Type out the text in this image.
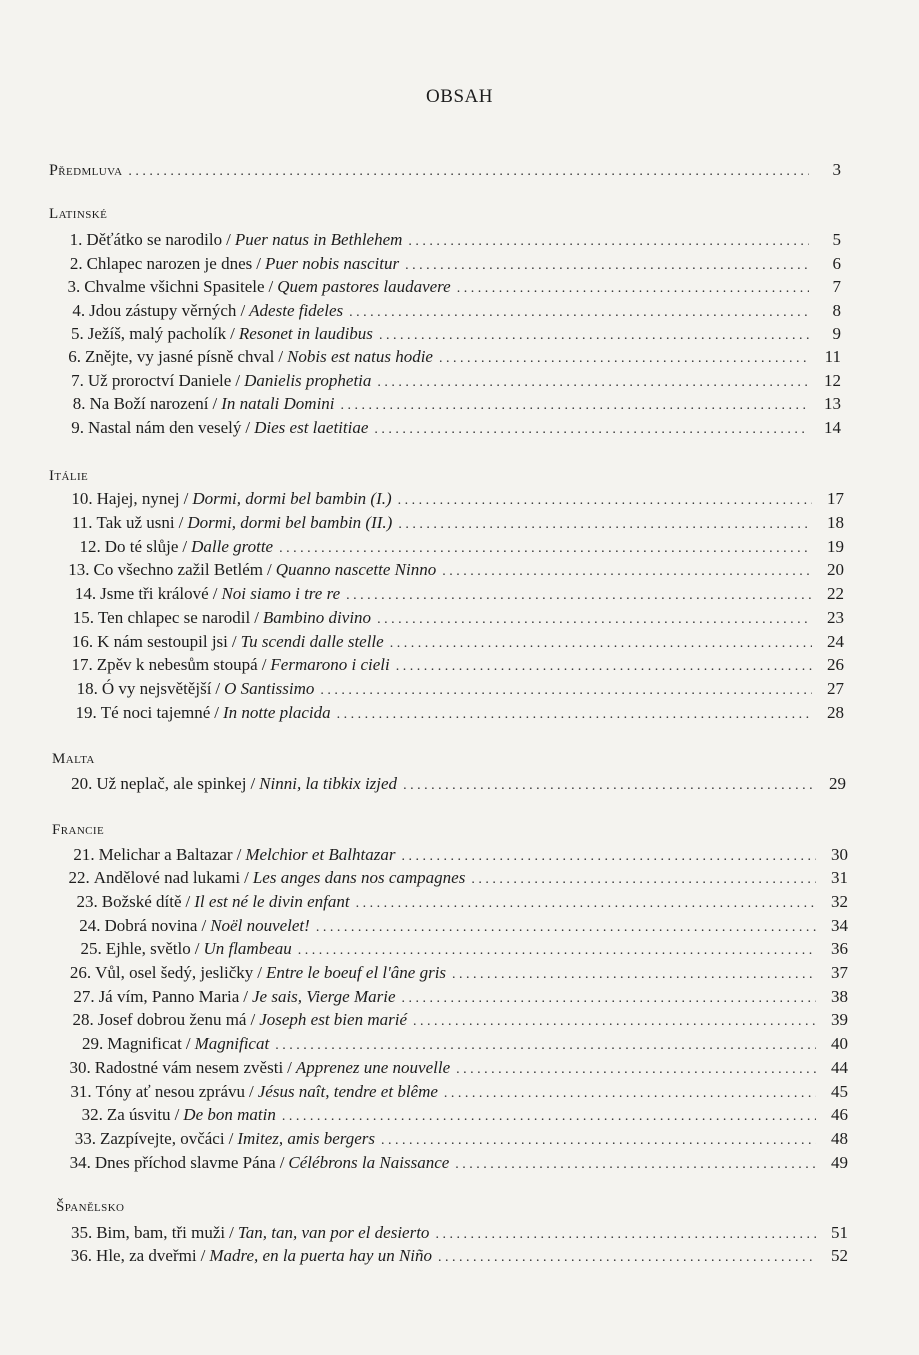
OBSAH
Předmluva . . .	3
Latinské
Itálie
Malta
Francie
Španělsko
1. Děťátko se narodilo / Puer natus in Bethlehem . . .	5
2. Chlapec narozen je dnes / Puer nobis nascitur . . .	6
3. Chvalme všichni Spasitele / Quem pastores laudavere . . .	7
4. Jdou zástupy věrných / Adeste fideles . . .	8
5. Ježíš, malý pacholík / Resonet in laudibus . . .	9
6. Znějte, vy jasné písně chval / Nobis est natus hodie . . .	11
7. Už proroctví Daniele / Danielis prophetia . . .	12
8. Na Boží narození / In natali Domini . . .	13
9. Nastal nám den veselý / Dies est laetitiae . . .	14
10. Hajej, nynej / Dormi, dormi bel bambin (I.) . . .	17
11. Tak už usni / Dormi, dormi bel bambin (II.) . . .	18
12. Do té slůje / Dalle grotte . . .	19
13. Co všechno zažil Betlém / Quanno nascette Ninno . . .	20
14. Jsme tři králové / Noi siamo i tre re . . .	22
15. Ten chlapec se narodil / Bambino divino . . .	23
16. K nám sestoupil jsi / Tu scendi dalle stelle . . .	24
17. Zpěv k nebesům stoupá / Fermarono i cieli . . .	26
18. Ó vy nejsvětější / O Santissimo . . .	27
19. Té noci tajemné / In notte placida . . .	28
20. Už neplač, ale spinkej / Ninni, la tibkix izjed . . .	29
21. Melichar a Baltazar / Melchior et Balhtazar . . .	30
22. Andělové nad lukami / Les anges dans nos campagnes . . .	31
23. Božské dítě / Il est né le divin enfant . . .	32
24. Dobrá novina / Noël nouvelet! . . .	34
25. Ejhle, světlo / Un flambeau . . .	36
26. Vůl, osel šedý, jesličky / Entre le boeuf el l'âne gris . . .	37
27. Já vím, Panno Maria / Je sais, Vierge Marie . . .	38
28. Josef dobrou ženu má / Joseph est bien marié . . .	39
29. Magnificat / Magnificat . . .	40
30. Radostné vám nesem zvěsti / Apprenez une nouvelle . . .	44
31. Tóny ať nesou zprávu / Jésus naît, tendre et blême . . .	45
32. Za úsvitu / De bon matin . . .	46
33. Zazpívejte, ovčáci / Imitez, amis bergers . . .	48
34. Dnes příchod slavme Pána / Célébrons la Naissance . . .	49
35. Bim, bam, tři muži / Tan, tan, van por el desierto . . .	51
36. Hle, za dveřmi / Madre, en la puerta hay un Niño . . .	52
